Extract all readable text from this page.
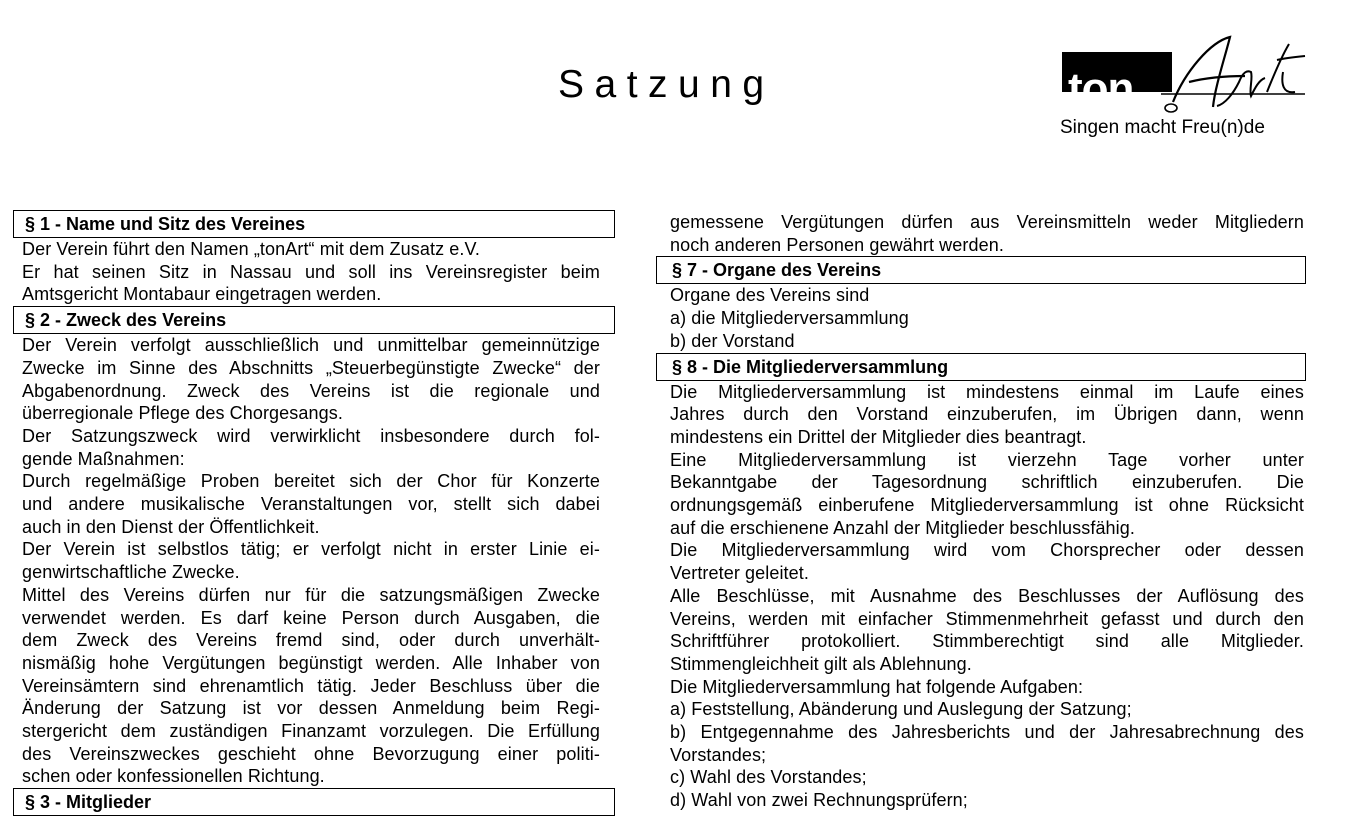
Satzung	ton
Singen macht Freu(n)de
§ 1 - Name und Sitz des Vereines
Der Verein führt den Namen „tonArt“ mit dem Zusatz e.V.
Er hat seinen Sitz in Nassau und soll ins Vereinsregister beim
Amtsgericht Montabaur eingetragen werden.
§ 2 - Zweck des Vereins
Der Verein verfolgt ausschließlich und unmittelbar gemeinnützige
Zwecke im Sinne des Abschnitts „Steuerbegünstigte Zwecke“ der
Abgabenordnung. Zweck des Vereins ist die regionale und
überregionale Pflege des Chorgesangs.
Der Satzungszweck wird verwirklicht insbesondere durch fol-
gende Maßnahmen:
Durch regelmäßige Proben bereitet sich der Chor für Konzerte
und andere musikalische Veranstaltungen vor, stellt sich dabei
auch in den Dienst der Öffentlichkeit.
Der Verein ist selbstlos tätig; er verfolgt nicht in erster Linie ei-
genwirtschaftliche Zwecke.
Mittel des Vereins dürfen nur für die satzungsmäßigen Zwecke
verwendet werden. Es darf keine Person durch Ausgaben, die
dem Zweck des Vereins fremd sind, oder durch unverhält-
nismäßig hohe Vergütungen begünstigt werden. Alle Inhaber von
Vereinsämtern sind ehrenamtlich tätig. Jeder Beschluss über die
Änderung der Satzung ist vor dessen Anmeldung beim Regi-
stergericht dem zuständigen Finanzamt vorzulegen. Die Erfüllung
des Vereinszweckes geschieht ohne Bevorzugung einer politi-
schen oder konfessionellen Richtung.
§ 3 - Mitglieder
gemessene Vergütungen dürfen aus Vereinsmitteln weder Mitgliedern
noch anderen Personen gewährt werden.
§ 7 - Organe des Vereins
Organe des Vereins sind
a) die Mitgliederversammlung
b) der Vorstand
§ 8 - Die Mitgliederversammlung
Die Mitgliederversammlung ist mindestens einmal im Laufe eines
Jahres durch den Vorstand einzuberufen, im Übrigen dann, wenn
mindestens ein Drittel der Mitglieder dies beantragt.
Eine Mitgliederversammlung ist vierzehn Tage vorher unter
Bekanntgabe der Tagesordnung schriftlich einzuberufen. Die
ordnungsgemäß einberufene Mitgliederversammlung ist ohne Rücksicht
auf die erschienene Anzahl der Mitglieder beschlussfähig.
Die Mitgliederversammlung wird vom Chorsprecher oder dessen
Vertreter geleitet.
Alle Beschlüsse, mit Ausnahme des Beschlusses der Auflösung des
Vereins, werden mit einfacher Stimmenmehrheit gefasst und durch den
Schriftführer protokolliert. Stimmberechtigt sind alle Mitglieder.
Stimmengleichheit gilt als Ablehnung.
Die Mitgliederversammlung hat folgende Aufgaben:
a) Feststellung, Abänderung und Auslegung der Satzung;
b) Entgegennahme des Jahresberichts und der Jahresabrechnung des
Vorstandes;
c) Wahl des Vorstandes;
d) Wahl von zwei Rechnungsprüfern;
